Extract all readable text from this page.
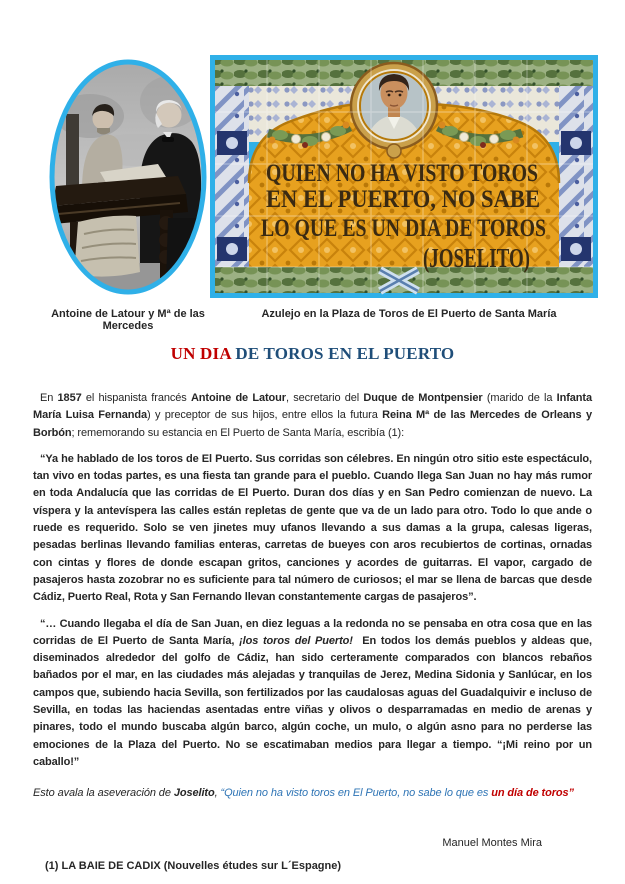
QUIEN NO HA VISTO TOROS
EN EL PUERTO, NO SABE
LO QUE ES UN DIA DE TOROS
(JOSELITO)
Antoine de Latour y Mª de las Mercedes
Azulejo en la Plaza de Toros de El Puerto de Santa María
UN DIA DE TOROS EN EL PUERTO

En 1857 el hispanista francés Antoine de Latour, secretario del Duque de Montpensier (marido de la Infanta María Luisa Fernanda) y preceptor de sus hijos, entre ellos la futura Reina Mª de las Mercedes de Orleans y Borbón; rememorando su estancia en El Puerto de Santa María, escribía (1):

“Ya he hablado de los toros de El Puerto. Sus corridas son célebres. En ningún otro sitio este espectáculo, tan vivo en todas partes, es una fiesta tan grande para el pueblo. Cuando llega San Juan no hay más rumor en toda Andalucía que las corridas de El Puerto. Duran dos días y en San Pedro comienzan de nuevo. La víspera y la antevíspera las calles están repletas de gente que va de un lado para otro. Todo lo que ande o ruede es requerido. Solo se ven jinetes muy ufanos llevando a sus damas a la grupa, calesas ligeras, pesadas berlinas llevando familias enteras, carretas de bueyes con aros recubiertos de cortinas, ornadas con cintas y flores de donde escapan gritos, canciones y acordes de guitarras. El vapor, cargado de pasajeros hasta zozobrar no es suficiente para tal número de curiosos; el mar se llena de barcas que desde Cádiz, Puerto Real, Rota y San Fernando llevan constantemente cargas de pasajeros”.

“… Cuando llegaba el día de San Juan, en diez leguas a la redonda no se pensaba en otra cosa que en las corridas de El Puerto de Santa María, ¡los toros del Puerto!  En todos los demás pueblos y aldeas que, diseminados alrededor del golfo de Cádiz, han sido certeramente comparados con blancos rebaños bañados por el mar, en las ciudades más alejadas y tranquilas de Jerez, Medina Sidonia y Sanlúcar, en los campos que, subiendo hacia Sevilla, son fertilizados por las caudalosas aguas del Guadalquivir e incluso de Sevilla, en todas las haciendas asentadas entre viñas y olivos o desparramadas en medio de arenas y pinares, todo el mundo buscaba algún barco, algún coche, un mulo, o algún asno para no perderse las emociones de la Plaza del Puerto. No se escatimaban medios para llegar a tiempo. “¡Mi reino por un caballo!”

Esto avala la aseveración de Joselito, “Quien no ha visto toros en El Puerto, no sabe lo que es un día de toros”

Manuel Montes Mira
(1) LA BAIE DE CADIX (Nouvelles études sur L´Espagne)
